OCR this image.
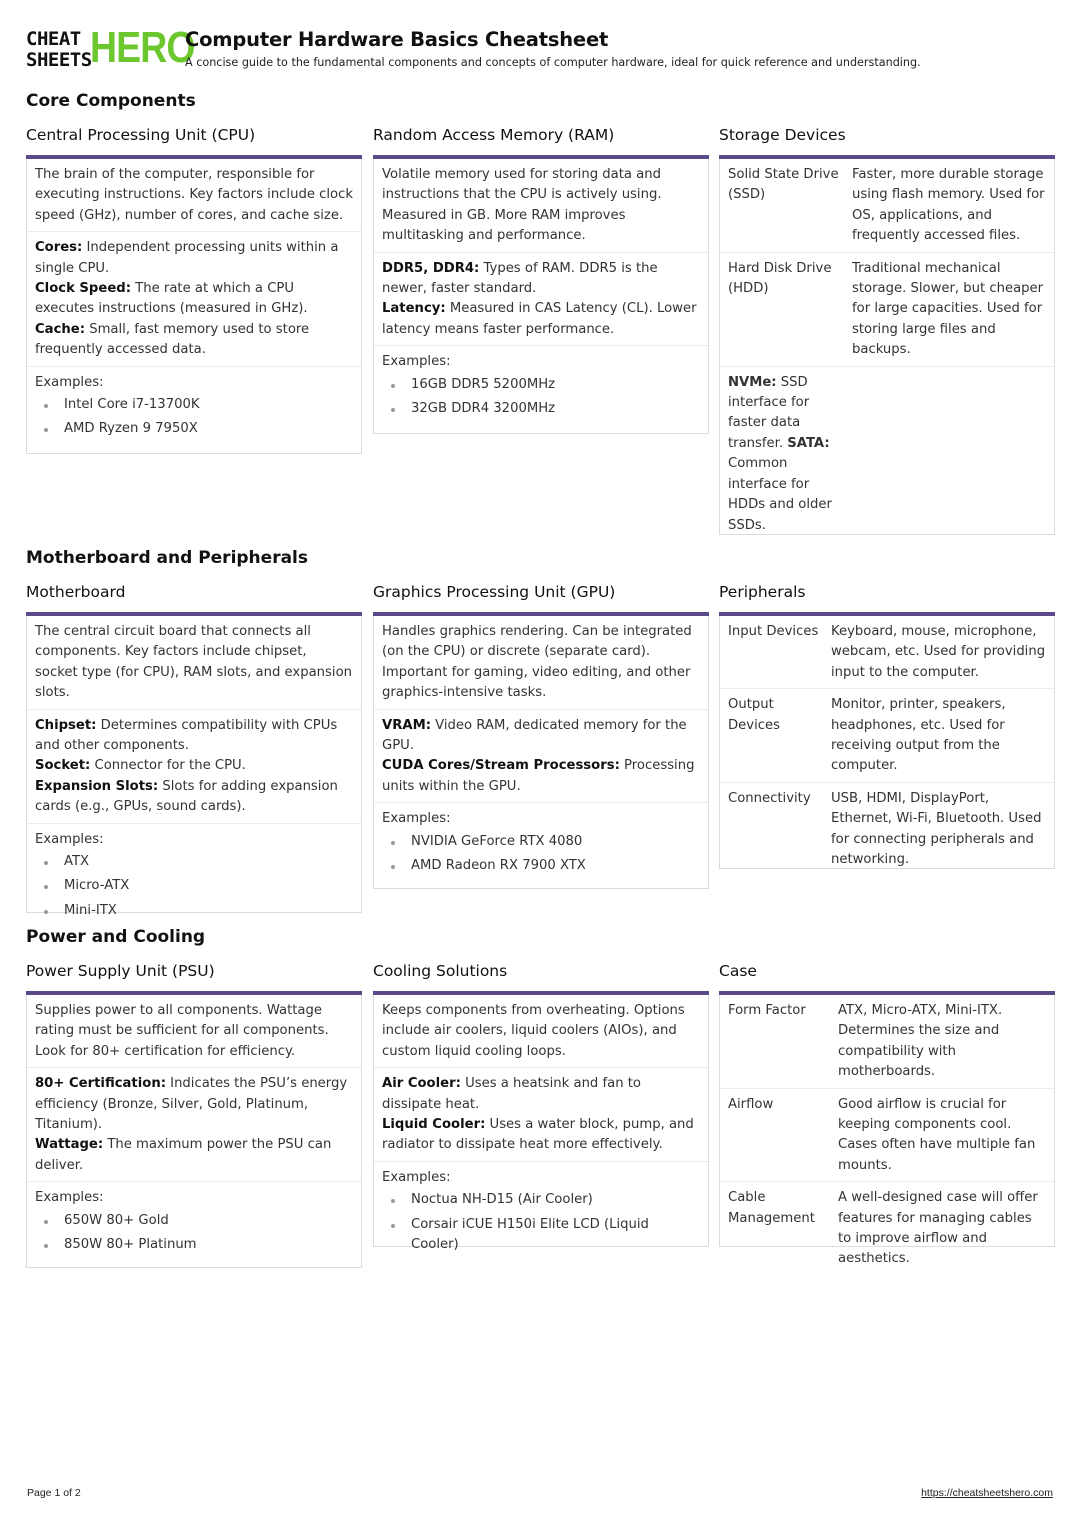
CHEAT
SHEETS
HERO
Computer Hardware Basics Cheatsheet
A concise guide to the fundamental components and concepts of computer hardware, ideal for quick reference and understanding.
Core Components
Central Processing Unit (CPU)
The brain of the computer, responsible for executing instructions. Key factors include clock speed (GHz), number of cores, and cache size.
Cores: Independent processing units within a single CPU.
Clock Speed: The rate at which a CPU executes instructions (measured in GHz).
Cache: Small, fast memory used to store frequently accessed data.
Examples:
Intel Core i7-13700K
AMD Ryzen 9 7950X
Random Access Memory (RAM)
Volatile memory used for storing data and instructions that the CPU is actively using. Measured in GB. More RAM improves multitasking and performance.
DDR5, DDR4: Types of RAM. DDR5 is the newer, faster standard.
Latency: Measured in CAS Latency (CL). Lower latency means faster performance.
Examples:
16GB DDR5 5200MHz
32GB DDR4 3200MHz
Storage Devices
Solid State Drive (SSD)	Faster, more durable storage using flash memory. Used for OS, applications, and frequently accessed files.
Hard Disk Drive (HDD)	Traditional mechanical storage. Slower, but cheaper for large capacities. Used for storing large files and backups.
NVMe: SSD interface for faster data transfer. SATA: Common interface for HDDs and older SSDs.	
Motherboard and Peripherals
Motherboard
The central circuit board that connects all components. Key factors include chipset, socket type (for CPU), RAM slots, and expansion slots.
Chipset: Determines compatibility with CPUs and other components.
Socket: Connector for the CPU.
Expansion Slots: Slots for adding expansion cards (e.g., GPUs, sound cards).
Examples:
ATX
Micro-ATX
Mini-ITX
Graphics Processing Unit (GPU)
Handles graphics rendering. Can be integrated (on the CPU) or discrete (separate card). Important for gaming, video editing, and other graphics-intensive tasks.
VRAM: Video RAM, dedicated memory for the GPU.
CUDA Cores/Stream Processors: Processing units within the GPU.
Examples:
NVIDIA GeForce RTX 4080
AMD Radeon RX 7900 XTX
Peripherals
Input Devices	Keyboard, mouse, microphone, webcam, etc. Used for providing input to the computer.
Output Devices	Monitor, printer, speakers, headphones, etc. Used for receiving output from the computer.
Connectivity	USB, HDMI, DisplayPort, Ethernet, Wi-Fi, Bluetooth. Used for connecting peripherals and networking.
Power and Cooling
Power Supply Unit (PSU)
Supplies power to all components. Wattage rating must be sufficient for all components. Look for 80+ certification for efficiency.
80+ Certification: Indicates the PSU’s energy efficiency (Bronze, Silver, Gold, Platinum, Titanium).
Wattage: The maximum power the PSU can deliver.
Examples:
650W 80+ Gold
850W 80+ Platinum
Cooling Solutions
Keeps components from overheating. Options include air coolers, liquid coolers (AIOs), and custom liquid cooling loops.
Air Cooler: Uses a heatsink and fan to dissipate heat.
Liquid Cooler: Uses a water block, pump, and radiator to dissipate heat more effectively.
Examples:
Noctua NH-D15 (Air Cooler)
Corsair iCUE H150i Elite LCD (Liquid Cooler)
Case
Form Factor	ATX, Micro-ATX, Mini-ITX. Determines the size and compatibility with motherboards.
Airflow	Good airflow is crucial for keeping components cool. Cases often have multiple fan mounts.
Cable Management	A well-designed case will offer features for managing cables to improve airflow and aesthetics.
Page 1 of 2	https://cheatsheetshero.com
